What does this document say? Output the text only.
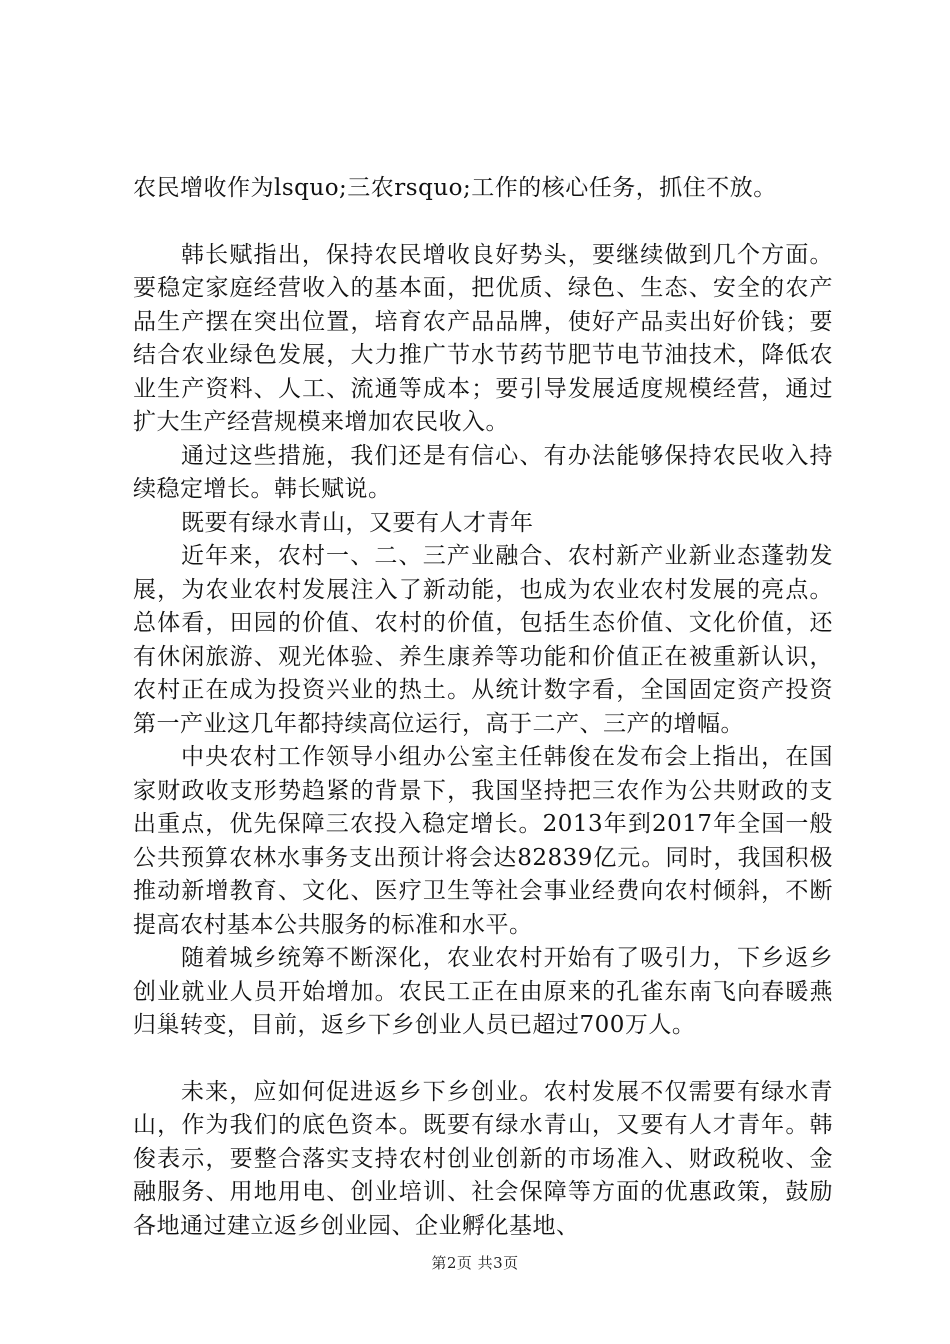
农民增收作为lsquo;三农rsquo;工作的核心任务，抓住不放。

韩长赋指出，保持农民增收良好势头，要继续做到几个方面。要稳定家庭经营收入的基本面，把优质、绿色、生态、安全的农产品生产摆在突出位置，培育农产品品牌，使好产品卖出好价钱；要结合农业绿色发展，大力推广节水节药节肥节电节油技术，降低农业生产资料、人工、流通等成本；要引导发展适度规模经营，通过扩大生产经营规模来增加农民收入。

通过这些措施，我们还是有信心、有办法能够保持农民收入持续稳定增长。韩长赋说。

既要有绿水青山，又要有人才青年

近年来，农村一、二、三产业融合、农村新产业新业态蓬勃发展，为农业农村发展注入了新动能，也成为农业农村发展的亮点。总体看，田园的价值、农村的价值，包括生态价值、文化价值，还有休闲旅游、观光体验、养生康养等功能和价值正在被重新认识，农村正在成为投资兴业的热土。从统计数字看，全国固定资产投资第一产业这几年都持续高位运行，高于二产、三产的增幅。

中央农村工作领导小组办公室主任韩俊在发布会上指出，在国家财政收支形势趋紧的背景下，我国坚持把三农作为公共财政的支出重点，优先保障三农投入稳定增长。2013年到2017年全国一般公共预算农林水事务支出预计将会达82839亿元。同时，我国积极推动新增教育、文化、医疗卫生等社会事业经费向农村倾斜，不断提高农村基本公共服务的标准和水平。

随着城乡统筹不断深化，农业农村开始有了吸引力，下乡返乡创业就业人员开始增加。农民工正在由原来的孔雀东南飞向春暖燕归巢转变，目前，返乡下乡创业人员已超过700万人。

未来，应如何促进返乡下乡创业。农村发展不仅需要有绿水青山，作为我们的底色资本。既要有绿水青山，又要有人才青年。韩俊表示，要整合落实支持农村创业创新的市场准入、财政税收、金融服务、用地用电、创业培训、社会保障等方面的优惠政策，鼓励各地通过建立返乡创业园、企业孵化基地、

第2页 共3页
